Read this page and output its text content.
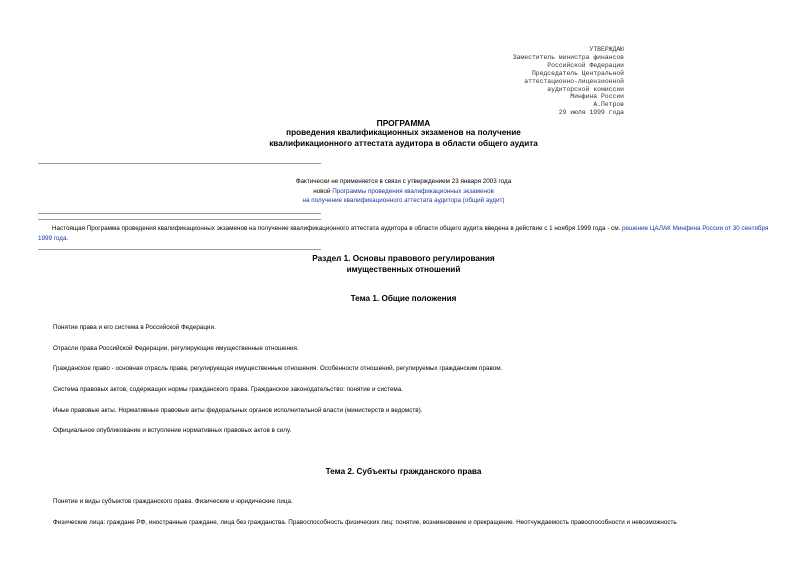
УТВЕРЖДАЮ
Заместитель министра финансов
Российской Федерации
Председатель Центральной
аттестационно-лицензионной
аудиторской комиссии
Минфина России
А.Петров
29 июля 1999 года
ПРОГРАММА
проведения квалификационных экзаменов на получение
квалификационного аттестата аудитора в области общего аудита
Фактически не применяется в связи с утверждением 23 января 2003 года
новой Программы проведения квалификационных экзаменов
на получение квалификационного аттестата аудитора (общий аудит)
Настоящая Программа проведения квалификационных экзаменов на получение квалификационного аттестата аудитора в области общего аудита введена в действие с 1 ноября 1999 года - см. решение ЦАЛАК Минфина России от 30 сентября 1999 года.
Раздел 1. Основы правового регулирования
имущественных отношений
Тема 1. Общие положения
Понятие права и его система в Российской Федерации.
Отрасли права Российской Федерации, регулирующие имущественные отношения.
Гражданское право - основная отрасль права, регулирующая имущественные отношения. Особенности отношений, регулируемых гражданским правом.
Система правовых актов, содержащих нормы гражданского права. Гражданское законодательство: понятие и система.
Иные правовые акты. Нормативные правовые акты федеральных органов исполнительной власти (министерств и ведомств).
Официальное опубликование и вступление нормативных правовых актов в силу.
Тема 2. Субъекты гражданского права
Понятие и виды субъектов гражданского права. Физические и юридические лица.
Физические лица: граждане РФ, иностранные граждане, лица без гражданства. Правоспособность физических лиц: понятие, возникновение и прекращение. Неотчуждаемость правоспособности и невозможность
